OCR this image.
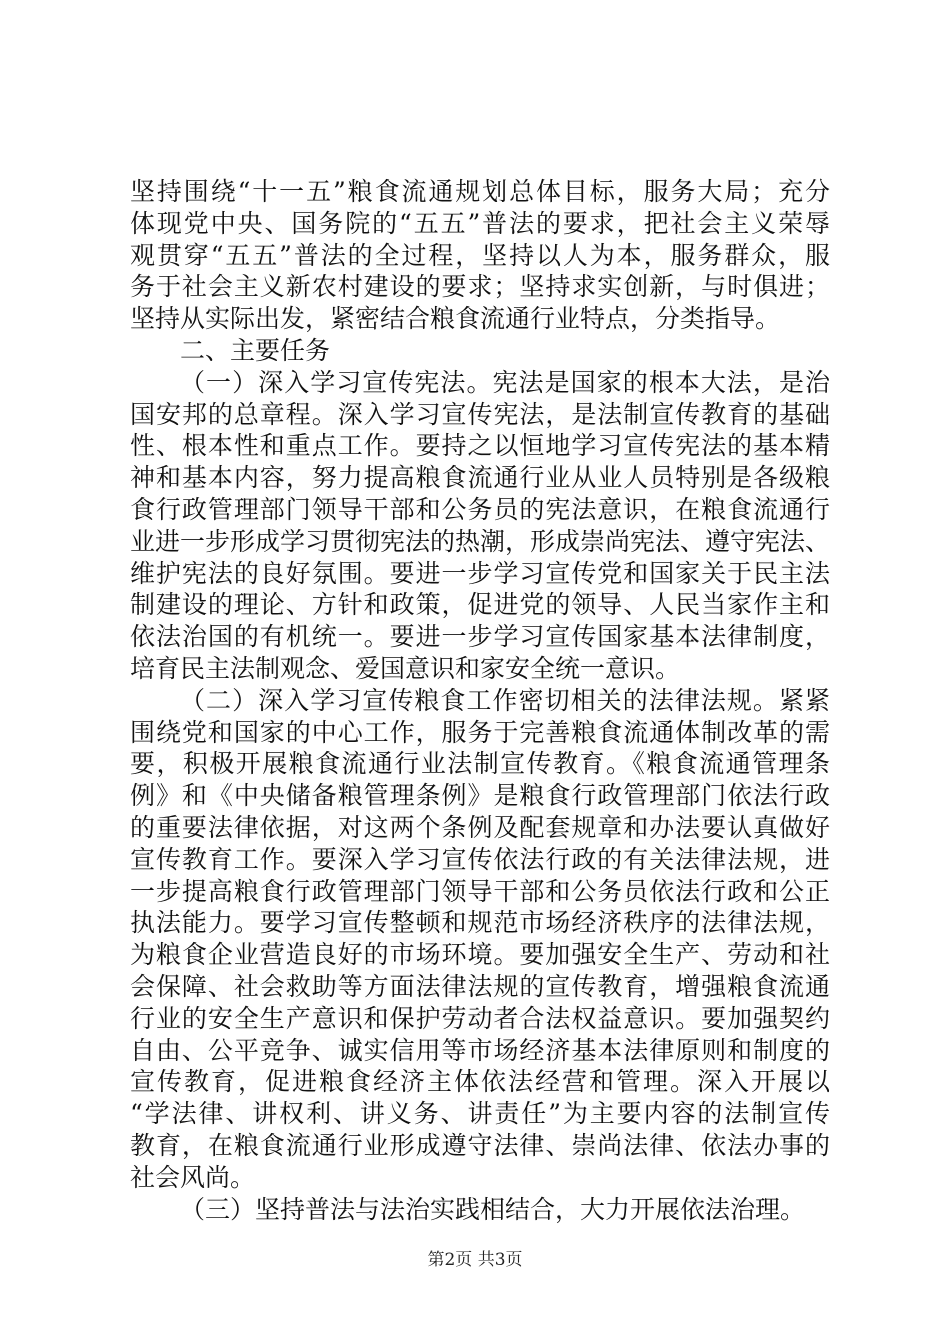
坚持围绕“十一五”粮食流通规划总体目标，服务大局；充分
体现党中央、国务院的“五五”普法的要求，把社会主义荣辱
观贯穿“五五”普法的全过程，坚持以人为本，服务群众，服
务于社会主义新农村建设的要求；坚持求实创新，与时俱进；
坚持从实际出发，紧密结合粮食流通行业特点，分类指导。
二、主要任务
（一）深入学习宣传宪法。宪法是国家的根本大法，是治
国安邦的总章程。深入学习宣传宪法，是法制宣传教育的基础
性、根本性和重点工作。要持之以恒地学习宣传宪法的基本精
神和基本内容，努力提高粮食流通行业从业人员特别是各级粮
食行政管理部门领导干部和公务员的宪法意识，在粮食流通行
业进一步形成学习贯彻宪法的热潮，形成崇尚宪法、遵守宪法、
维护宪法的良好氛围。要进一步学习宣传党和国家关于民主法
制建设的理论、方针和政策，促进党的领导、人民当家作主和
依法治国的有机统一。要进一步学习宣传国家基本法律制度，
培育民主法制观念、爱国意识和家安全统一意识。
（二）深入学习宣传粮食工作密切相关的法律法规。紧紧
围绕党和国家的中心工作，服务于完善粮食流通体制改革的需
要，积极开展粮食流通行业法制宣传教育。《粮食流通管理条
例》和《中央储备粮管理条例》是粮食行政管理部门依法行政
的重要法律依据，对这两个条例及配套规章和办法要认真做好
宣传教育工作。要深入学习宣传依法行政的有关法律法规，进
一步提高粮食行政管理部门领导干部和公务员依法行政和公正
执法能力。要学习宣传整顿和规范市场经济秩序的法律法规，
为粮食企业营造良好的市场环境。要加强安全生产、劳动和社
会保障、社会救助等方面法律法规的宣传教育，增强粮食流通
行业的安全生产意识和保护劳动者合法权益意识。要加强契约
自由、公平竞争、诚实信用等市场经济基本法律原则和制度的
宣传教育，促进粮食经济主体依法经营和管理。深入开展以
“学法律、讲权利、讲义务、讲责任”为主要内容的法制宣传
教育，在粮食流通行业形成遵守法律、崇尚法律、依法办事的
社会风尚。
（三）坚持普法与法治实践相结合，大力开展依法治理。
第2页 共3页
